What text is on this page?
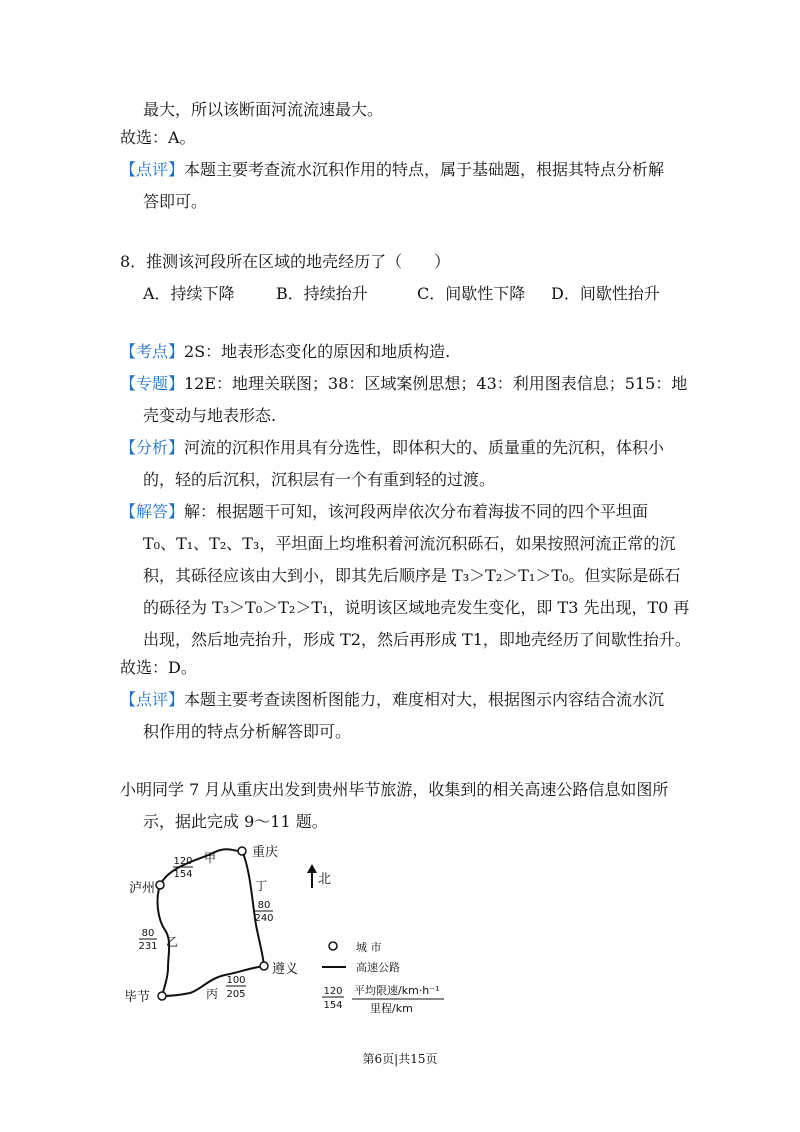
最大，所以该断面河流流速最大。
故选：A。
【点评】本题主要考查流水沉积作用的特点，属于基础题，根据其特点分析解
答即可。
8．推测该河段所在区域的地壳经历了（　　）
A．持续下降	B．持续抬升	C．间歇性下降 D．间歇性抬升
【考点】2S：地表形态变化的原因和地质构造.
【专题】12E：地理关联图；38：区域案例思想；43：利用图表信息；515：地
壳变动与地表形态.
【分析】河流的沉积作用具有分选性，即体积大的、质量重的先沉积，体积小
的，轻的后沉积，沉积层有一个有重到轻的过渡。
【解答】解：根据题干可知，该河段两岸依次分布着海拔不同的四个平坦面
T₀、T₁、T₂、T₃，平坦面上均堆积着河流沉积砾石，如果按照河流正常的沉
积，其砾径应该由大到小，即其先后顺序是 T₃＞T₂＞T₁＞T₀。但实际是砾石
的砾径为 T₃＞T₀＞T₂＞T₁，说明该区域地壳发生变化，即 T3 先出现，T0 再
出现，然后地壳抬升，形成 T2，然后再形成 T1，即地壳经历了间歇性抬升。
故选：D。
【点评】本题主要考查读图析图能力，难度相对大，根据图示内容结合流水沉
积作用的特点分析解答即可。
小明同学 7 月从重庆出发到贵州毕节旅游，收集到的相关高速公路信息如图所
示，据此完成 9～11 题。
重庆
泸州
遵义
毕节
甲
丁
乙
丙
120
154
80
240
80
231
100
205
北
城 市
高速公路
120
154
平均限速/km·h⁻¹
里程/km
第6页|共15页
